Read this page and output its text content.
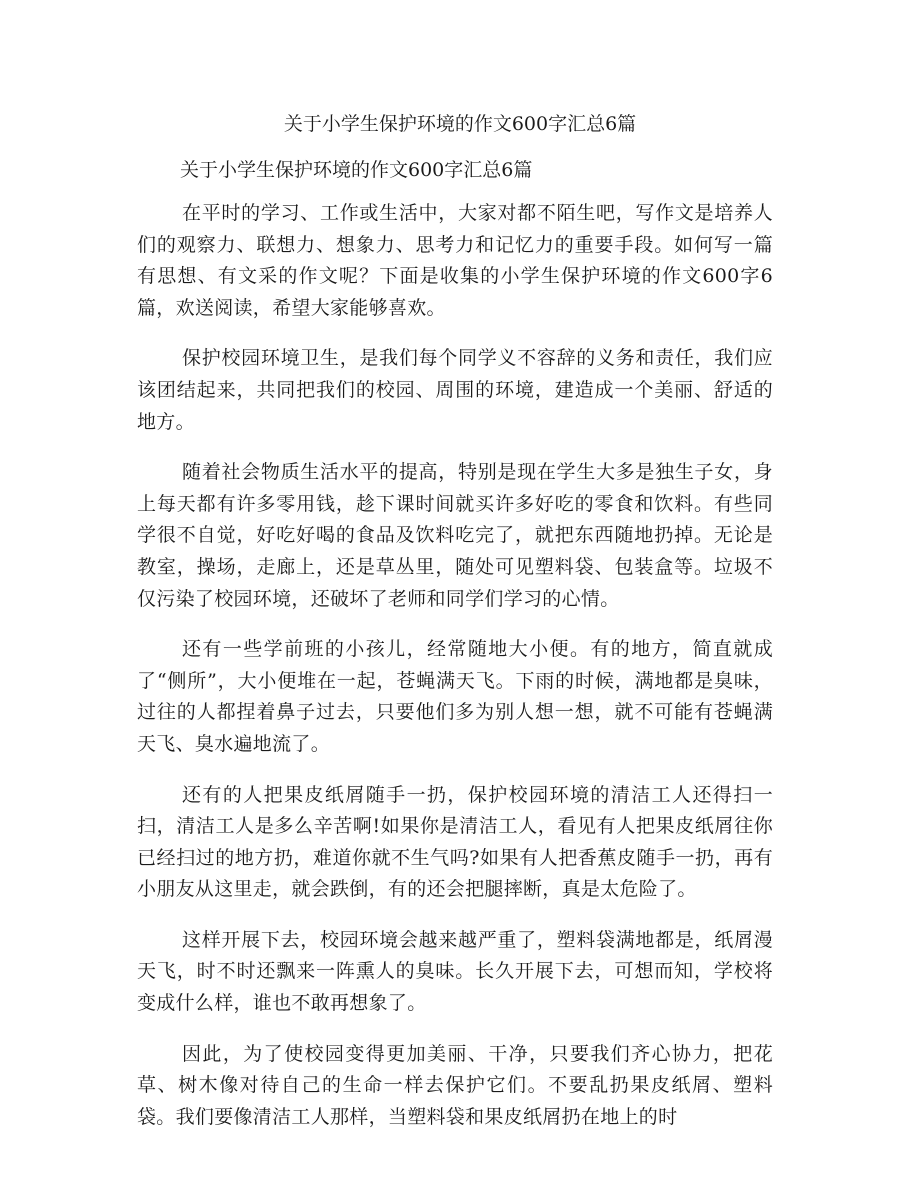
关于小学生保护环境的作文600字汇总6篇
关于小学生保护环境的作文600字汇总6篇

在平时的学习、工作或生活中，大家对都不陌生吧，写作文是培养人们的观察力、联想力、想象力、思考力和记忆力的重要手段。如何写一篇有思想、有文采的作文呢？下面是收集的小学生保护环境的作文600字6篇，欢送阅读，希望大家能够喜欢。

保护校园环境卫生，是我们每个同学义不容辞的义务和责任，我们应该团结起来，共同把我们的校园、周围的环境，建造成一个美丽、舒适的地方。

随着社会物质生活水平的提高，特别是现在学生大多是独生子女，身上每天都有许多零用钱，趁下课时间就买许多好吃的零食和饮料。有些同学很不自觉，好吃好喝的食品及饮料吃完了，就把东西随地扔掉。无论是教室，操场，走廊上，还是草丛里，随处可见塑料袋、包装盒等。垃圾不仅污染了校园环境，还破坏了老师和同学们学习的心情。

还有一些学前班的小孩儿，经常随地大小便。有的地方，简直就成了“侧所”，大小便堆在一起，苍蝇满天飞。下雨的时候，满地都是臭味，过往的人都捏着鼻子过去，只要他们多为别人想一想，就不可能有苍蝇满天飞、臭水遍地流了。

还有的人把果皮纸屑随手一扔，保护校园环境的清洁工人还得扫一扫，清洁工人是多么辛苦啊!如果你是清洁工人，看见有人把果皮纸屑往你已经扫过的地方扔，难道你就不生气吗?如果有人把香蕉皮随手一扔，再有小朋友从这里走，就会跌倒，有的还会把腿摔断，真是太危险了。

这样开展下去，校园环境会越来越严重了，塑料袋满地都是，纸屑漫天飞，时不时还飘来一阵熏人的臭味。长久开展下去，可想而知，学校将变成什么样，谁也不敢再想象了。

因此，为了使校园变得更加美丽、干净，只要我们齐心协力，把花草、树木像对待自己的生命一样去保护它们。不要乱扔果皮纸屑、塑料袋。我们要像清洁工人那样，当塑料袋和果皮纸屑扔在地上的时
